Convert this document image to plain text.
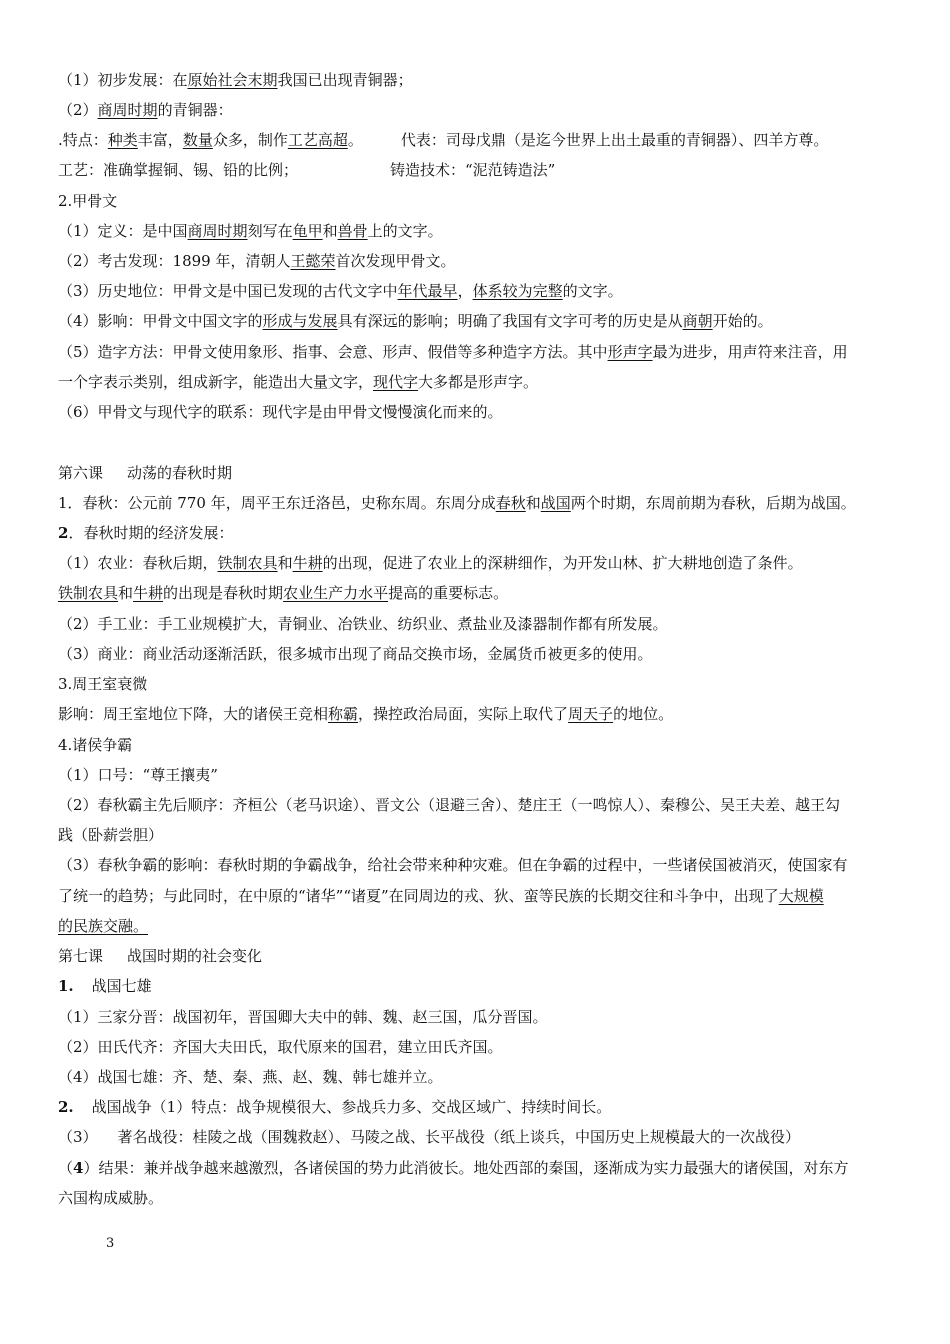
3
（1）初步发展：在原始社会末期我国已出现青铜器；
（2）商周时期的青铜器：
.特点：种类丰富，数量众多，制作工艺高超。	代表：司母戊鼎（是迄今世界上出土最重的青铜器）、四羊方尊。
工艺：准确掌握铜、锡、铅的比例；	铸造技术：“泥范铸造法”
2.甲骨文
（1）定义：是中国商周时期刻写在龟甲和兽骨上的文字。
（2）考古发现：1899 年，清朝人王懿荣首次发现甲骨文。
（3）历史地位：甲骨文是中国已发现的古代文字中年代最早，体系较为完整的文字。
（4）影响：甲骨文中国文字的形成与发展具有深远的影响；明确了我国有文字可考的历史是从商朝开始的。
（5）造字方法：甲骨文使用象形、指事、会意、形声、假借等多种造字方法。其中形声字最为进步，用声符来注音，用
一个字表示类别，组成新字，能造出大量文字，现代字大多都是形声字。
（6）甲骨文与现代字的联系：现代字是由甲骨文慢慢演化而来的。
第六课 动荡的春秋时期
1．春秋：公元前 770 年，周平王东迁洛邑，史称东周。东周分成春秋和战国两个时期，东周前期为春秋，后期为战国。
2．春秋时期的经济发展：
（1）农业：春秋后期，铁制农具和牛耕的出现，促进了农业上的深耕细作，为开发山林、扩大耕地创造了条件。
铁制农具和牛耕的出现是春秋时期农业生产力水平提高的重要标志。
（2）手工业：手工业规模扩大，青铜业、冶铁业、纺织业、煮盐业及漆器制作都有所发展。
（3）商业：商业活动逐渐活跃，很多城市出现了商品交换市场，金属货币被更多的使用。
3.周王室衰微
影响：周王室地位下降，大的诸侯王竞相称霸，操控政治局面，实际上取代了周天子的地位。
4.诸侯争霸
（1）口号：“尊王攘夷”
（2）春秋霸主先后顺序：齐桓公（老马识途）、晋文公（退避三舍）、楚庄王（一鸣惊人）、秦穆公、吴王夫差、越王勾
践（卧薪尝胆）
（3）春秋争霸的影响：春秋时期的争霸战争，给社会带来种种灾难。但在争霸的过程中，一些诸侯国被消灭，使国家有
了统一的趋势；与此同时，在中原的“诸华”“诸夏”在同周边的戎、狄、蛮等民族的长期交往和斗争中，出现了大规模
的民族交融。
第七课 战国时期的社会变化
1. 战国七雄
（1）三家分晋：战国初年，晋国卿大夫中的韩、魏、赵三国，瓜分晋国。
（2）田氏代齐：齐国大夫田氏，取代原来的国君，建立田氏齐国。
（4）战国七雄：齐、楚、秦、燕、赵、魏、韩七雄并立。
2. 战国战争（1）特点：战争规模很大、参战兵力多、交战区域广、持续时间长。
（3） 著名战役：桂陵之战（围魏救赵）、马陵之战、长平战役（纸上谈兵，中国历史上规模最大的一次战役）
（4）结果：兼并战争越来越激烈，各诸侯国的势力此消彼长。地处西部的秦国，逐渐成为实力最强大的诸侯国，对东方
六国构成威胁。
